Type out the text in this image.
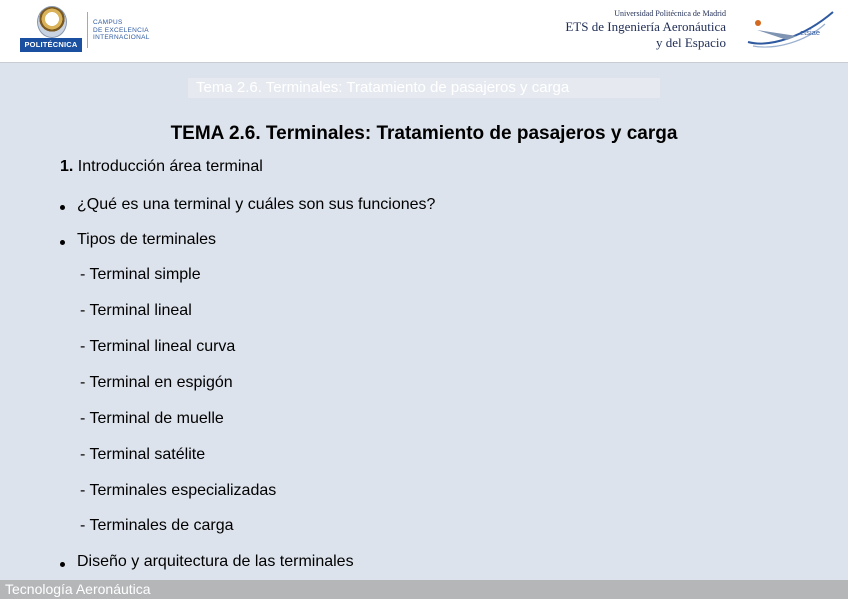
POLITÉCNICA
CAMPUS
DE EXCELENCIA
INTERNACIONAL
Universidad Politécnica de Madrid
ETS de Ingeniería Aeronáutica
y del Espacio
etsiae
Tema 2.6. Terminales: Tratamiento de pasajeros y carga
TEMA 2.6. Terminales: Tratamiento de pasajeros y carga
1. Introducción área terminal
¿Qué es una terminal y cuáles son sus funciones?
Tipos de terminales
- Terminal simple
- Terminal lineal
- Terminal lineal curva
- Terminal en espigón
- Terminal de muelle
- Terminal satélite
- Terminales especializadas
- Terminales de carga
Diseño y arquitectura de las terminales
Tecnología Aeronáutica
